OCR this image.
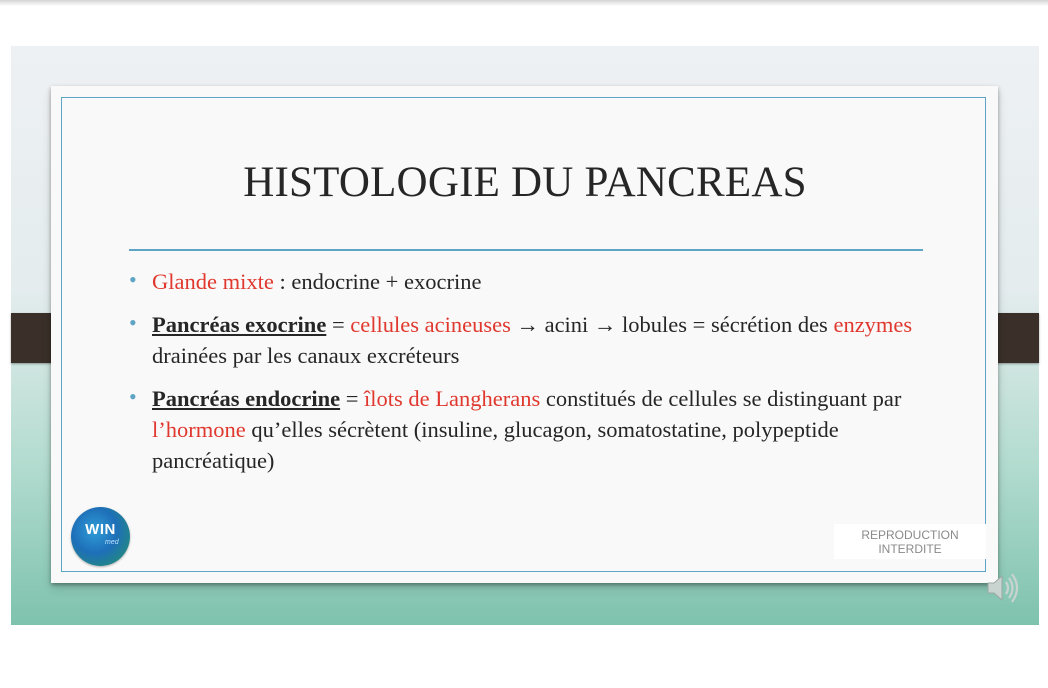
HISTOLOGIE DU PANCREAS
• Glande mixte : endocrine + exocrine
• Pancréas exocrine = cellules acineuses → acini → lobules = sécrétion des enzymes drainées par les canaux excréteurs
• Pancréas endocrine = îlots de Langherans constitués de cellules se distinguant par l’hormone qu’elles sécrètent (insuline, glucagon, somatostatine, polypeptide pancréatique)
WIN
med
REPRODUCTION
INTERDITE
